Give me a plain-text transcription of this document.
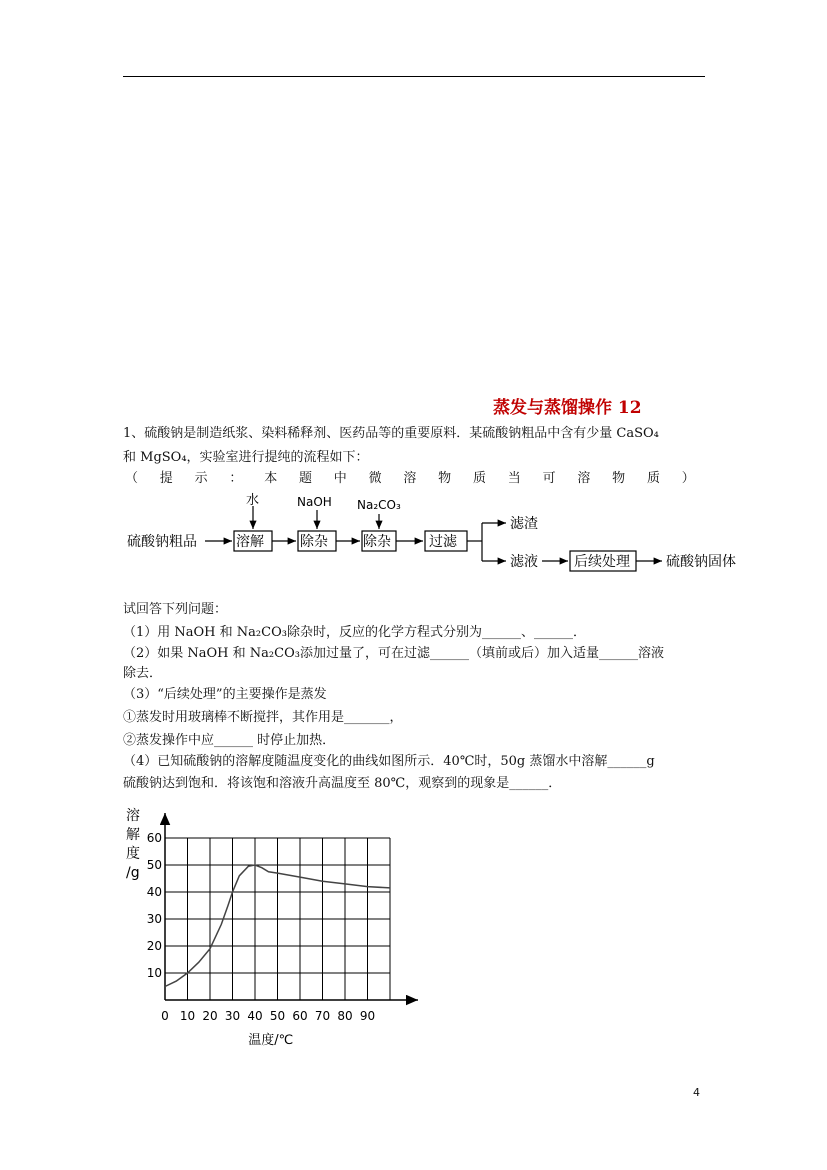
蒸发与蒸馏操作 12
1、硫酸钠是制造纸浆、染料稀释剂、医药品等的重要原料．某硫酸钠粗品中含有少量 CaSO₄
和 MgSO₄，实验室进行提纯的流程如下：
（ 提 示 ： 本 题 中 微 溶 物 质 当 可 溶 物 质 ）
硫酸钠粗品	溶解
水
除杂
NaOH
除杂
Na₂CO₃
过滤
滤渣
滤液	后续处理	硫酸钠固体
试回答下列问题：
（1）用 NaOH 和 Na₂CO₃除杂时，反应的化学方程式分别为______、______．
（2）如果 NaOH 和 Na₂CO₃添加过量了，可在过滤______（填前或后）加入适量______溶液
除去．
（3）“后续处理”的主要操作是蒸发
①蒸发时用玻璃棒不断搅拌，其作用是_______，
②蒸发操作中应______ 时停止加热．
（4）已知硫酸钠的溶解度随温度变化的曲线如图所示．40℃时，50g 蒸馏水中溶解______g
硫酸钠达到饱和．将该饱和溶液升高温度至 80℃，观察到的现象是______．
溶
解
度
/g
0 10 20 30 40 50 60 70 80 90
10
20
30
40
50
60
温度/℃
4
